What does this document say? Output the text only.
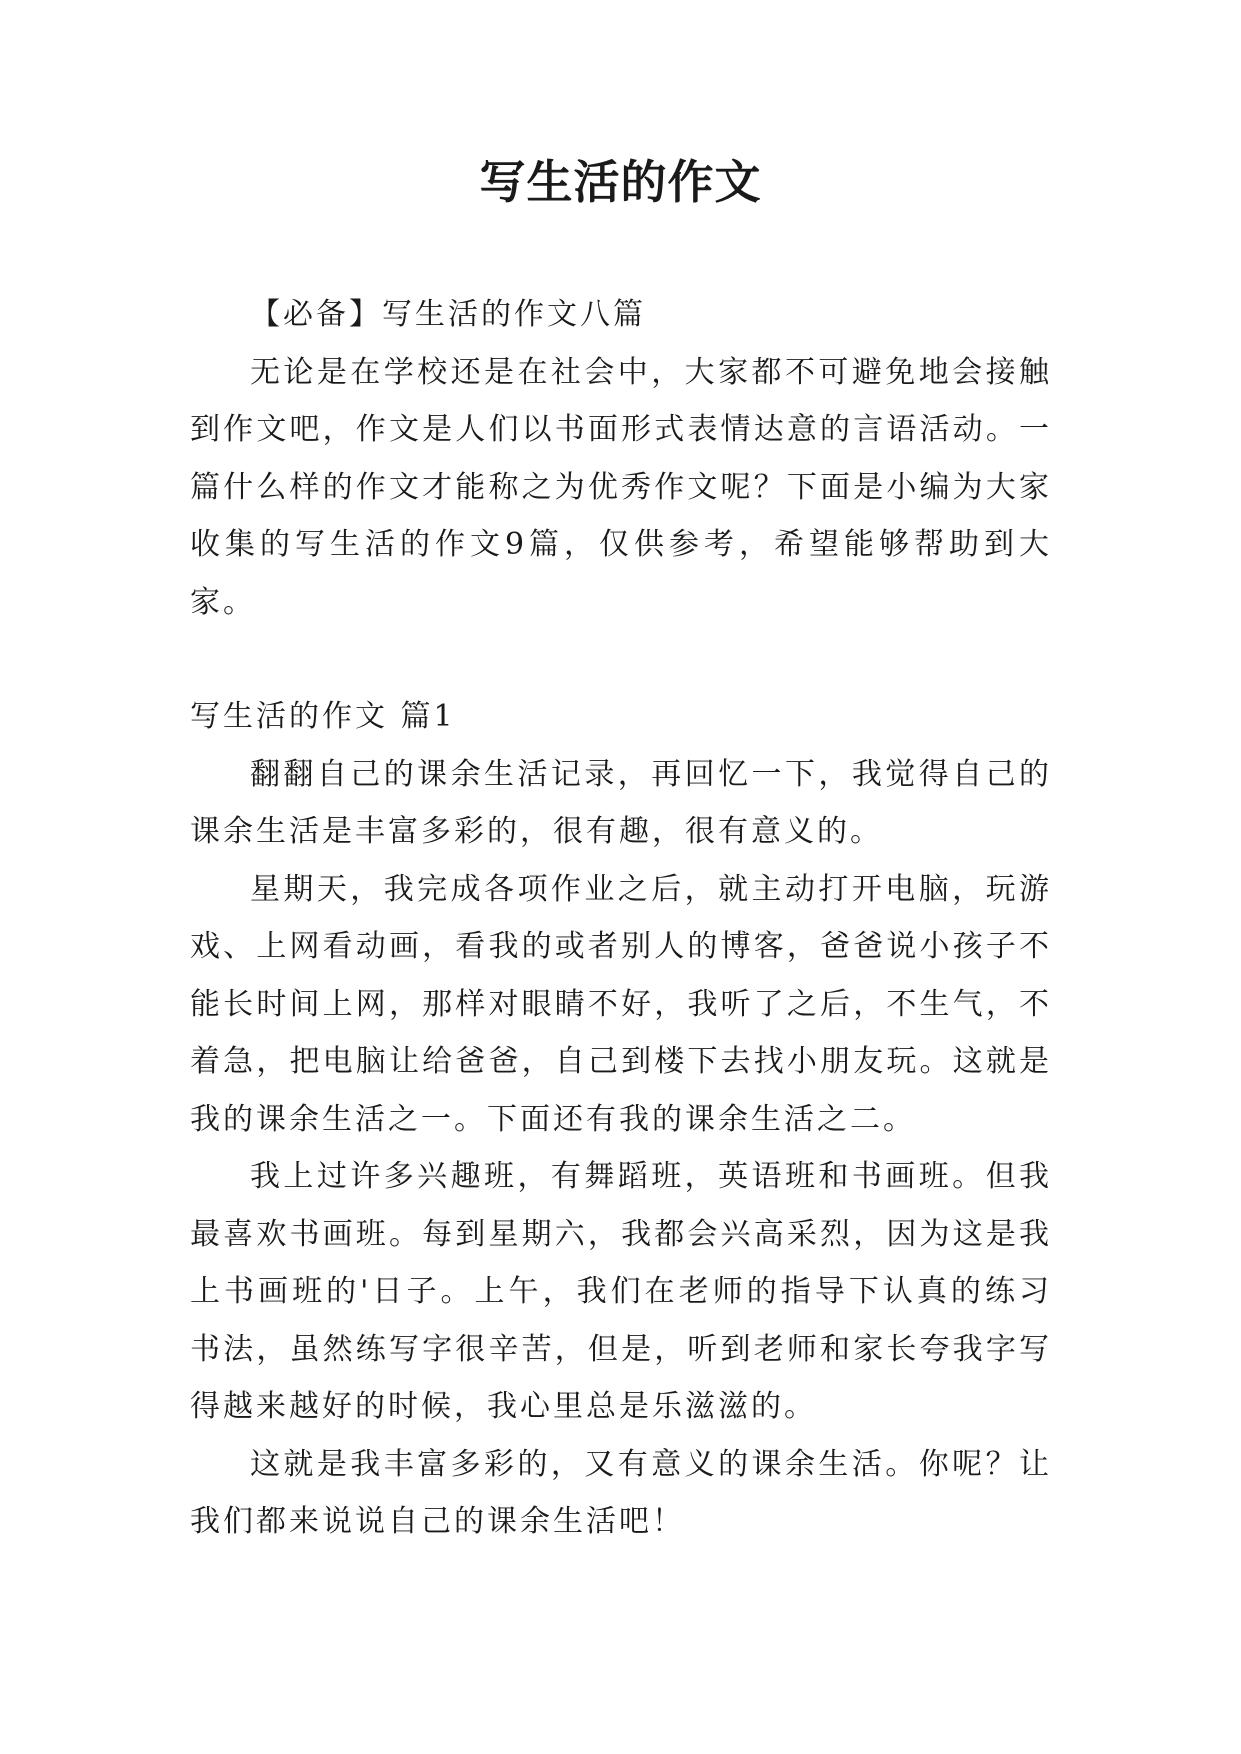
写生活的作文

【必备】写生活的作文八篇

无论是在学校还是在社会中，大家都不可避免地会接触到作文吧，作文是人们以书面形式表情达意的言语活动。一篇什么样的作文才能称之为优秀作文呢？下面是小编为大家收集的写生活的作文9篇，仅供参考，希望能够帮助到大家。

写生活的作文 篇1

翻翻自己的课余生活记录，再回忆一下，我觉得自己的课余生活是丰富多彩的，很有趣，很有意义的。

星期天，我完成各项作业之后，就主动打开电脑，玩游戏、上网看动画，看我的或者别人的博客，爸爸说小孩子不能长时间上网，那样对眼睛不好，我听了之后，不生气，不着急，把电脑让给爸爸，自己到楼下去找小朋友玩。这就是我的课余生活之一。下面还有我的课余生活之二。

我上过许多兴趣班，有舞蹈班，英语班和书画班。但我最喜欢书画班。每到星期六，我都会兴高采烈，因为这是我上书画班的'日子。上午，我们在老师的指导下认真的练习书法，虽然练写字很辛苦，但是，听到老师和家长夸我字写得越来越好的时候，我心里总是乐滋滋的。

这就是我丰富多彩的，又有意义的课余生活。你呢？让我们都来说说自己的课余生活吧！
